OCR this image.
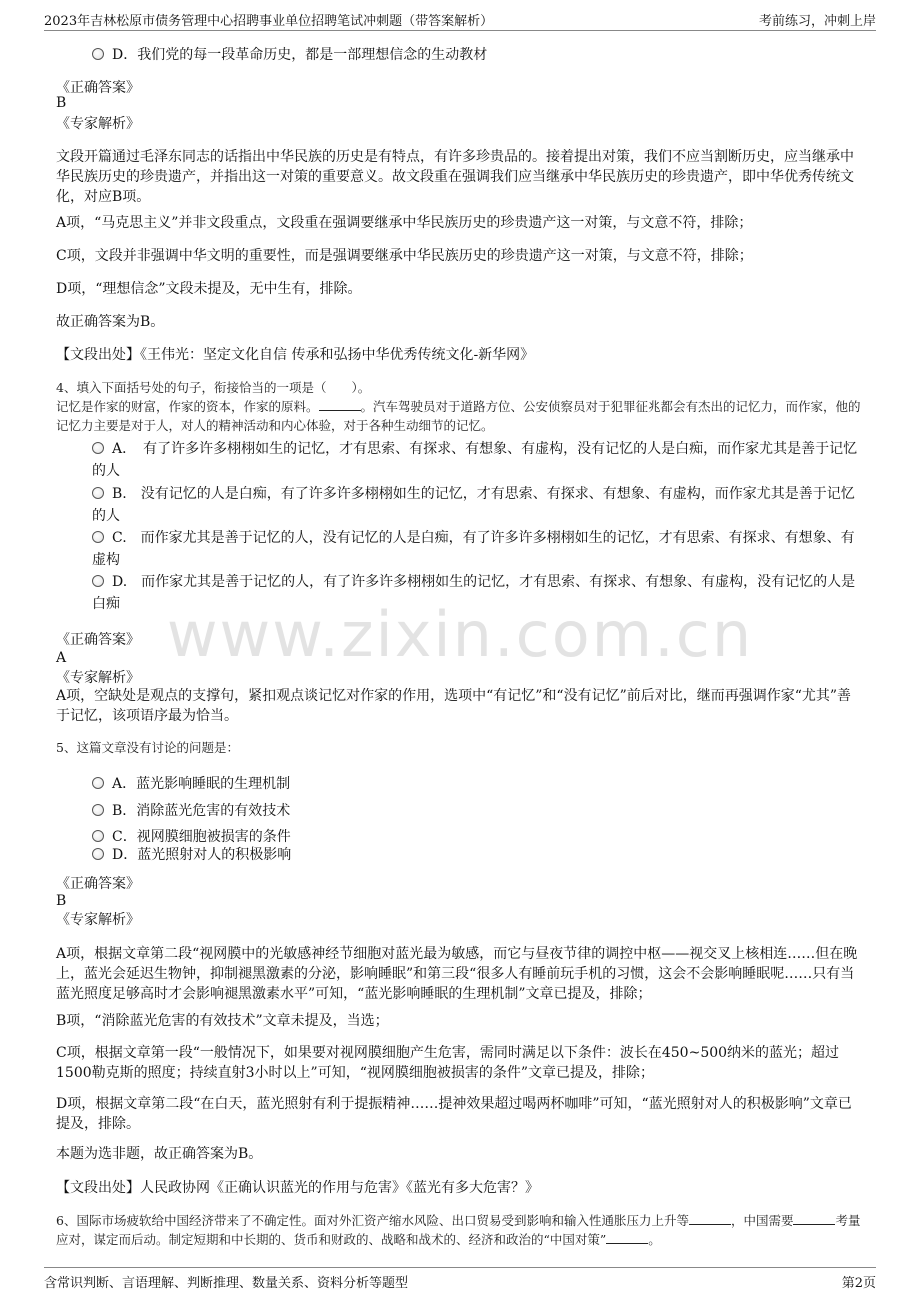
2023年吉林松原市债务管理中心招聘事业单位招聘笔试冲刺题（带答案解析）	考前练习，冲刺上岸
www.zixin.com.cn
D．我们党的每一段革命历史，都是一部理想信念的生动教材
《正确答案》
B
《专家解析》
文段开篇通过毛泽东同志的话指出中华民族的历史是有特点，有许多珍贵品的。接着提出对策，我们不应当割断历史，应当继承中华民族历史的珍贵遗产，并指出这一对策的重要意义。故文段重在强调我们应当继承中华民族历史的珍贵遗产，即中华优秀传统文化，对应B项。
A项，“马克思主义”并非文段重点，文段重在强调要继承中华民族历史的珍贵遗产这一对策，与文意不符，排除；
C项，文段并非强调中华文明的重要性，而是强调要继承中华民族历史的珍贵遗产这一对策，与文意不符，排除；
D项，“理想信念”文段未提及，无中生有，排除。
故正确答案为B。
【文段出处】《王伟光：坚定文化自信 传承和弘扬中华优秀传统文化-新华网》
4、填入下面括号处的句子，衔接恰当的一项是（　　）。
记忆是作家的财富，作家的资本，作家的原料。	。汽车驾驶员对于道路方位、公安侦察员对于犯罪征兆都会有杰出的记忆力，而作家，他的记忆力主要是对于人，对人的精神活动和内心体验，对于各种生动细节的记忆。
A．　有了许多许多栩栩如生的记忆，才有思索、有探求、有想象、有虚构，没有记忆的人是白痴，而作家尤其是善于记忆的人
B.　没有记忆的人是白痴，有了许多许多栩栩如生的记忆，才有思索、有探求、有想象、有虚构，而作家尤其是善于记忆的人
C.　而作家尤其是善于记忆的人，没有记忆的人是白痴，有了许多许多栩栩如生的记忆，才有思索、有探求、有想象、有虚构
D.　而作家尤其是善于记忆的人，有了许多许多栩栩如生的记忆，才有思索、有探求、有想象、有虚构，没有记忆的人是白痴
《正确答案》
A
《专家解析》
A项，空缺处是观点的支撑句，紧扣观点谈记忆对作家的作用，选项中“有记忆”和“没有记忆”前后对比，继而再强调作家“尤其”善于记忆，该项语序最为恰当。
5、这篇文章没有讨论的问题是：
A．蓝光影响睡眠的生理机制
B．消除蓝光危害的有效技术
C．视网膜细胞被损害的条件
D．蓝光照射对人的积极影响
《正确答案》
B
《专家解析》
A项，根据文章第二段“视网膜中的光敏感神经节细胞对蓝光最为敏感，而它与昼夜节律的调控中枢——视交叉上核相连……但在晚上，蓝光会延迟生物钟，抑制褪黑激素的分泌，影响睡眠”和第三段“很多人有睡前玩手机的习惯，这会不会影响睡眠呢……只有当蓝光照度足够高时才会影响褪黑激素水平”可知，“蓝光影响睡眠的生理机制”文章已提及，排除；
B项，“消除蓝光危害的有效技术”文章未提及，当选；
C项，根据文章第一段“一般情况下，如果要对视网膜细胞产生危害，需同时满足以下条件：波长在450~500纳米的蓝光；超过1500勒克斯的照度；持续直射3小时以上”可知，“视网膜细胞被损害的条件”文章已提及，排除；
D项，根据文章第二段“在白天，蓝光照射有利于提振精神……提神效果超过喝两杯咖啡”可知，“蓝光照射对人的积极影响”文章已提及，排除。
本题为选非题，故正确答案为B。
【文段出处】人民政协网《正确认识蓝光的作用与危害》《蓝光有多大危害？》
6、国际市场疲软给中国经济带来了不确定性。面对外汇资产缩水风险、出口贸易受到影响和输入性通胀压力上升等	，中国需要	考量应对，谋定而后动。制定短期和中长期的、货币和财政的、战略和战术的、经济和政治的“中国对策”	。
含常识判断、言语理解、判断推理、数量关系、资料分析等题型	第2页
